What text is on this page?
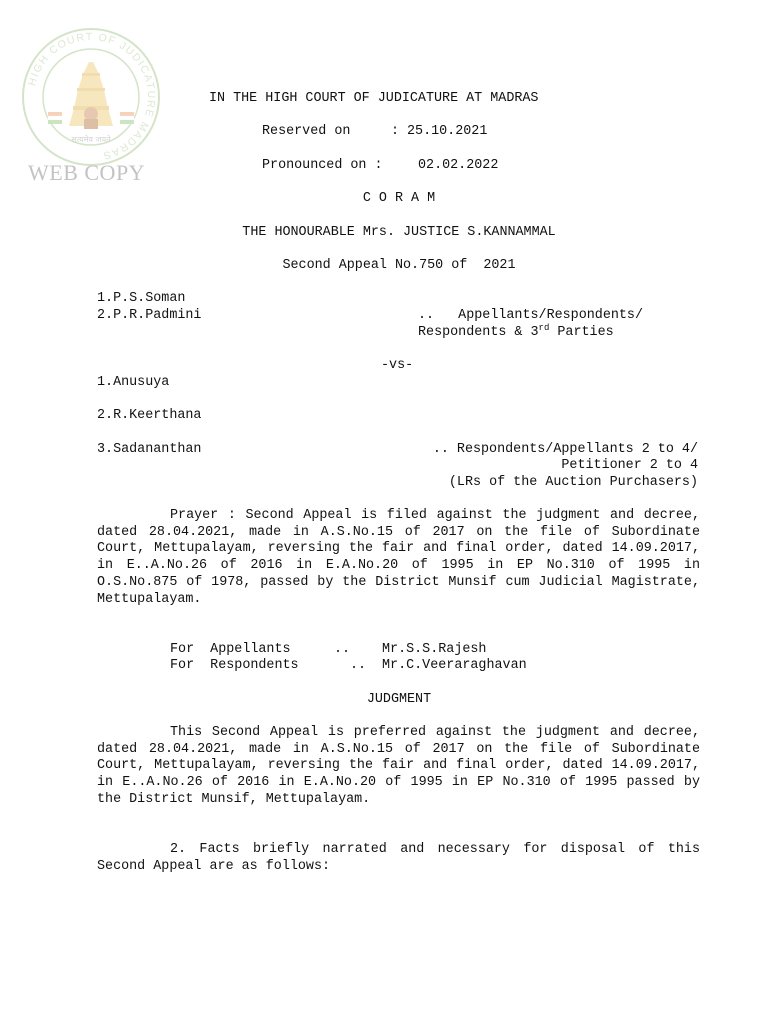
HIGH COURT OF JUDICATURE MADRAS
सत्यमेव जयते
WEB COPY
IN THE HIGH COURT OF JUDICATURE AT MADRAS
Reserved on	: 25.10.2021
Pronounced on :	02.02.2022
C O R A M
THE HONOURABLE Mrs. JUSTICE S.KANNAMMAL
Second Appeal No.750 of  2021
1.P.S.Soman
2.P.R.Padmini	..   Appellants/Respondents/
Respondents & 3rd Parties
-vs-
1.Anusuya
2.R.Keerthana
3.Sadananthan	.. Respondents/Appellants 2 to 4/
Petitioner 2 to 4
(LRs of the Auction Purchasers)

Prayer : Second Appeal is filed against the judgment and decree, dated 28.04.2021, made in A.S.No.15 of 2017 on the file of Subordinate Court, Mettupalayam, reversing the fair and final order, dated 14.09.2017, in E..A.No.26 of 2016 in E.A.No.20 of 1995 in EP No.310 of 1995 in O.S.No.875 of 1978, passed by the District Munsif cum Judicial Magistrate, Mettupalayam.

For  Appellants	.. Mr.S.S.Rajesh
For  Respondents	.. Mr.C.Veeraraghavan
JUDGMENT

This Second Appeal is preferred against the judgment and decree, dated 28.04.2021, made in A.S.No.15 of 2017 on the file of Subordinate Court, Mettupalayam, reversing the fair and final order, dated 14.09.2017, in E..A.No.26 of 2016 in E.A.No.20 of 1995 in EP No.310 of 1995 passed by the District Munsif, Mettupalayam.

2. Facts briefly narrated and necessary for disposal of this Second Appeal are as follows:
